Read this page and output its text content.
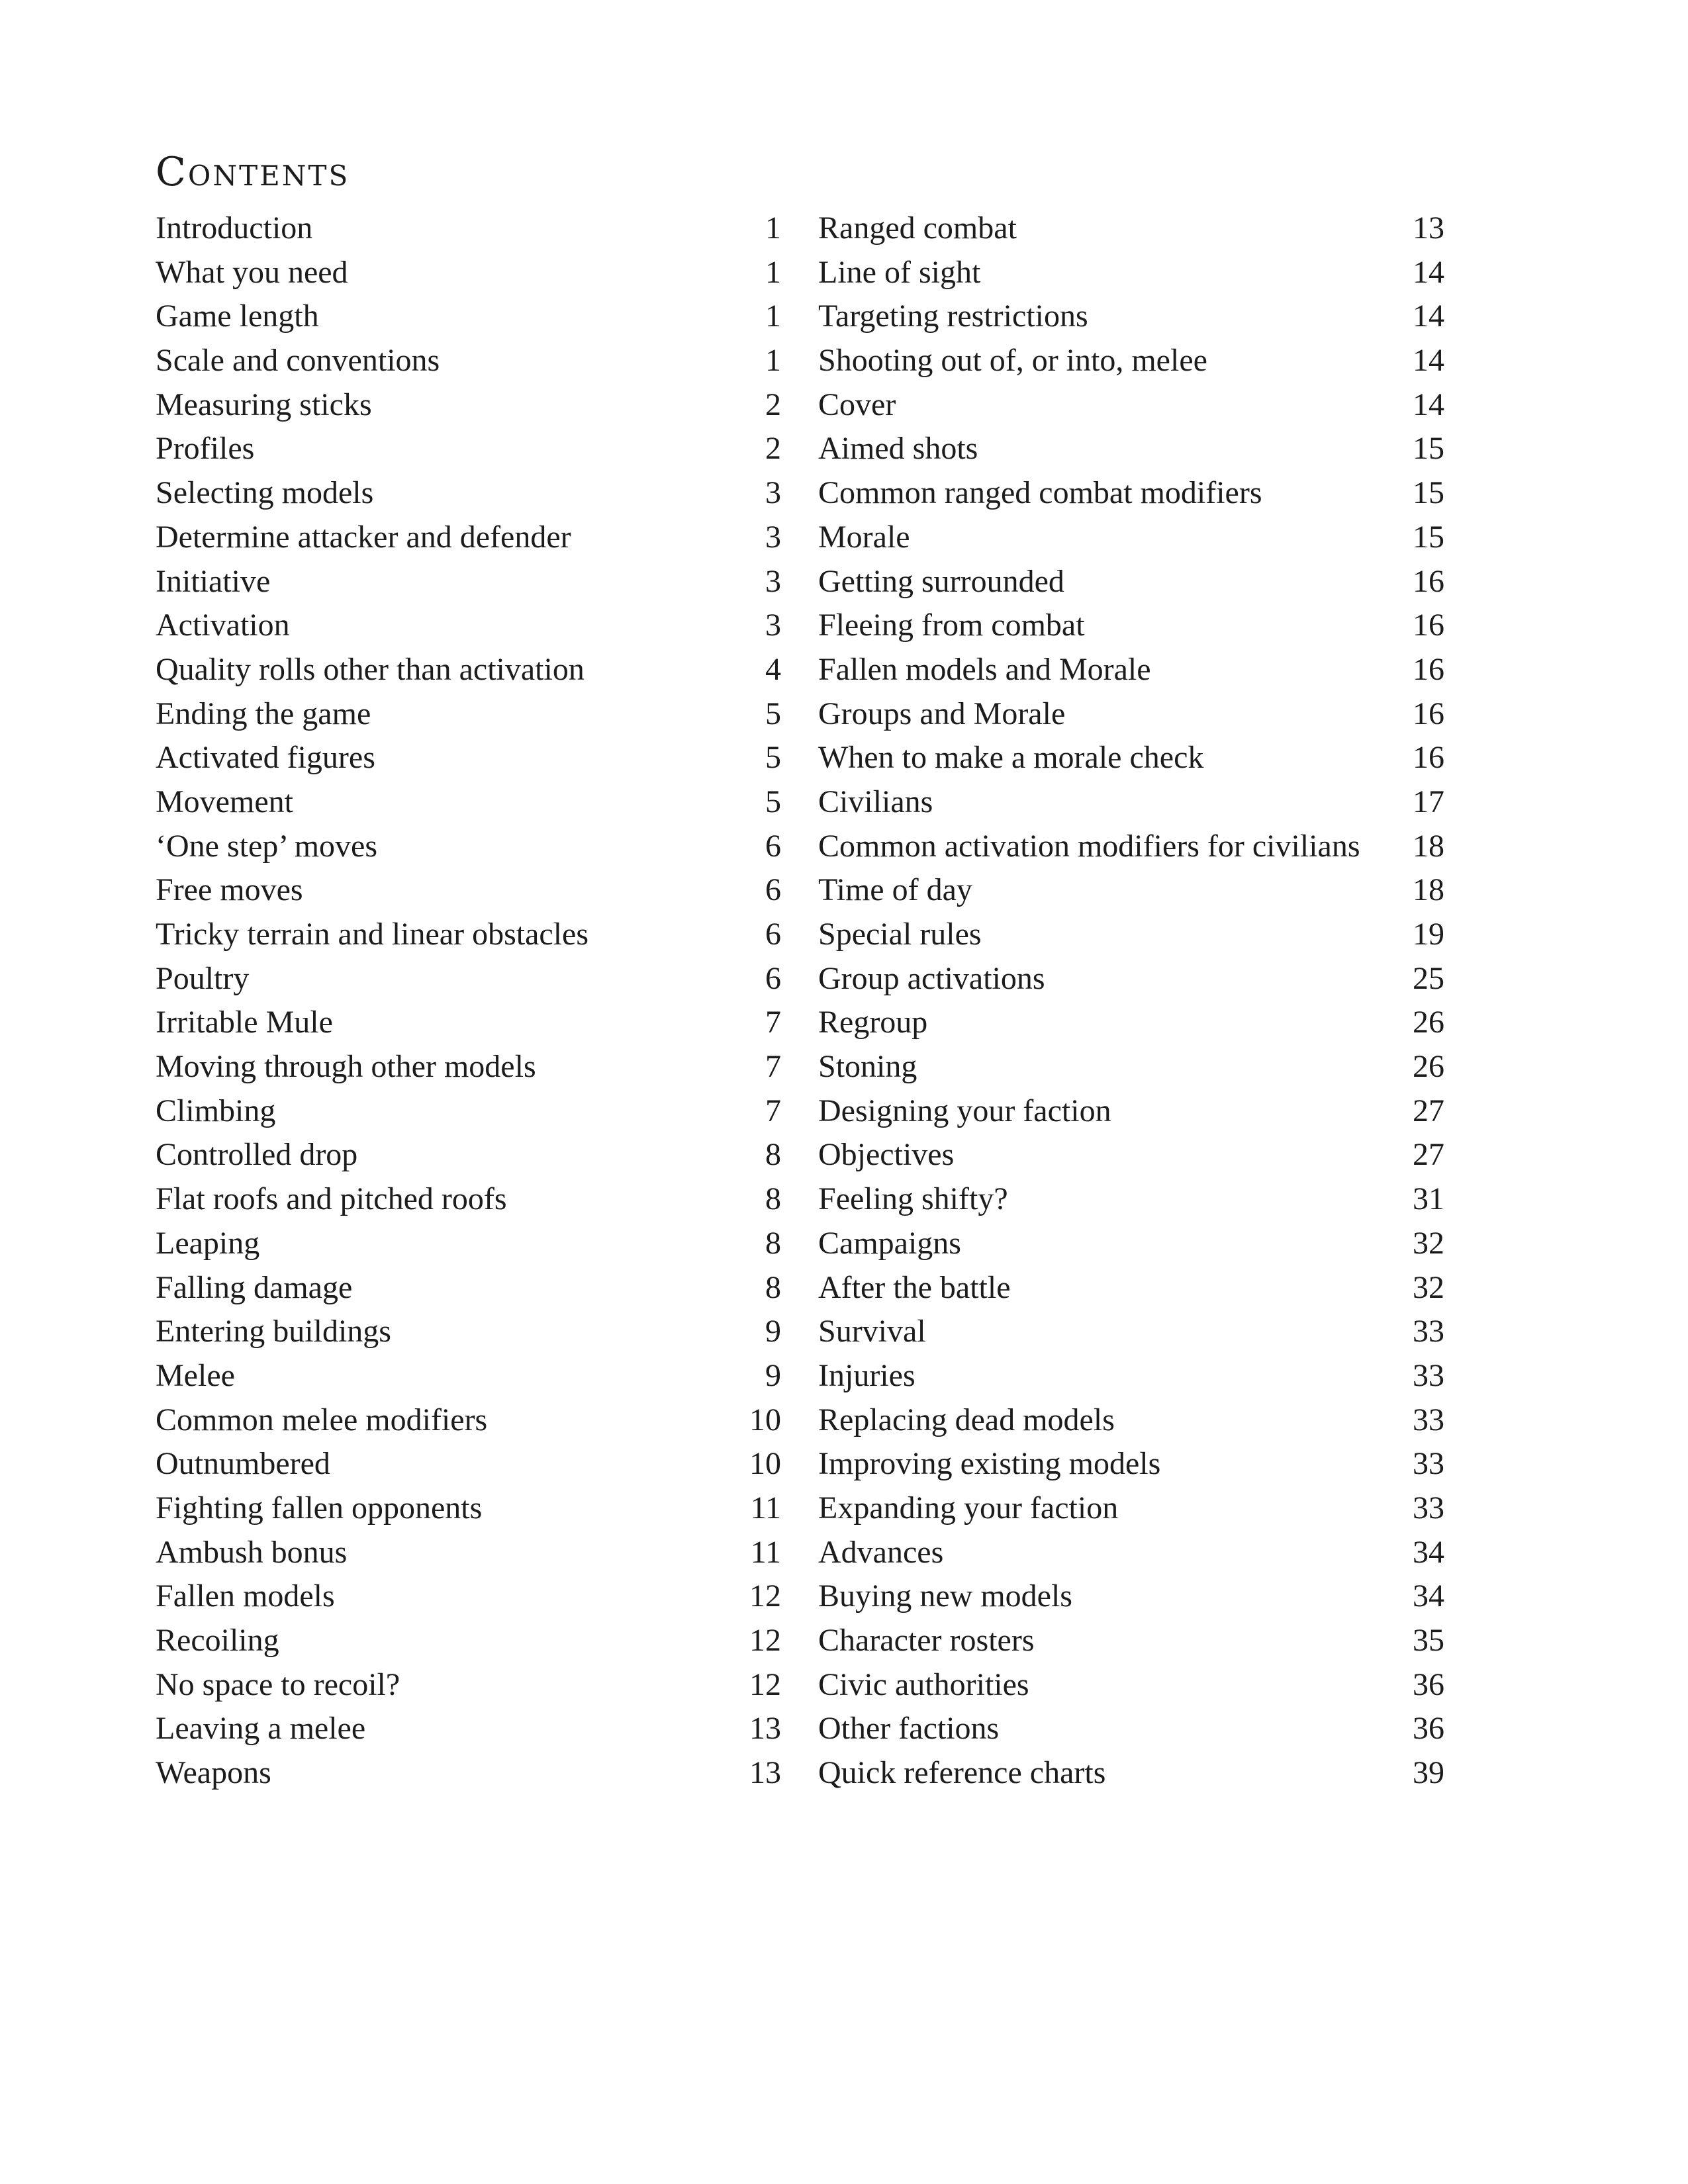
Contents
Introduction	1
What you need	1
Game length	1
Scale and conventions	1
Measuring sticks	2
Profiles	2
Selecting models	3
Determine attacker and defender	3
Initiative	3
Activation	3
Quality rolls other than activation	4
Ending the game	5
Activated figures	5
Movement	5
‘One step’ moves	6
Free moves	6
Tricky terrain and linear obstacles	6
Poultry	6
Irritable Mule	7
Moving through other models	7
Climbing	7
Controlled drop	8
Flat roofs and pitched roofs	8
Leaping	8
Falling damage	8
Entering buildings	9
Melee	9
Common melee modifiers	10
Outnumbered	10
Fighting fallen opponents	11
Ambush bonus	11
Fallen models	12
Recoiling	12
No space to recoil?	12
Leaving a melee	13
Weapons	13
Ranged combat	13
Line of sight	14
Targeting restrictions	14
Shooting out of, or into, melee	14
Cover	14
Aimed shots	15
Common ranged combat modifiers	15
Morale	15
Getting surrounded	16
Fleeing from combat	16
Fallen models and Morale	16
Groups and Morale	16
When to make a morale check	16
Civilians	17
Common activation modifiers for civilians	18
Time of day	18
Special rules	19
Group activations	25
Regroup	26
Stoning	26
Designing your faction	27
Objectives	27
Feeling shifty?	31
Campaigns	32
After the battle	32
Survival	33
Injuries	33
Replacing dead models	33
Improving existing models	33
Expanding your faction	33
Advances	34
Buying new models	34
Character rosters	35
Civic authorities	36
Other factions	36
Quick reference charts	39
